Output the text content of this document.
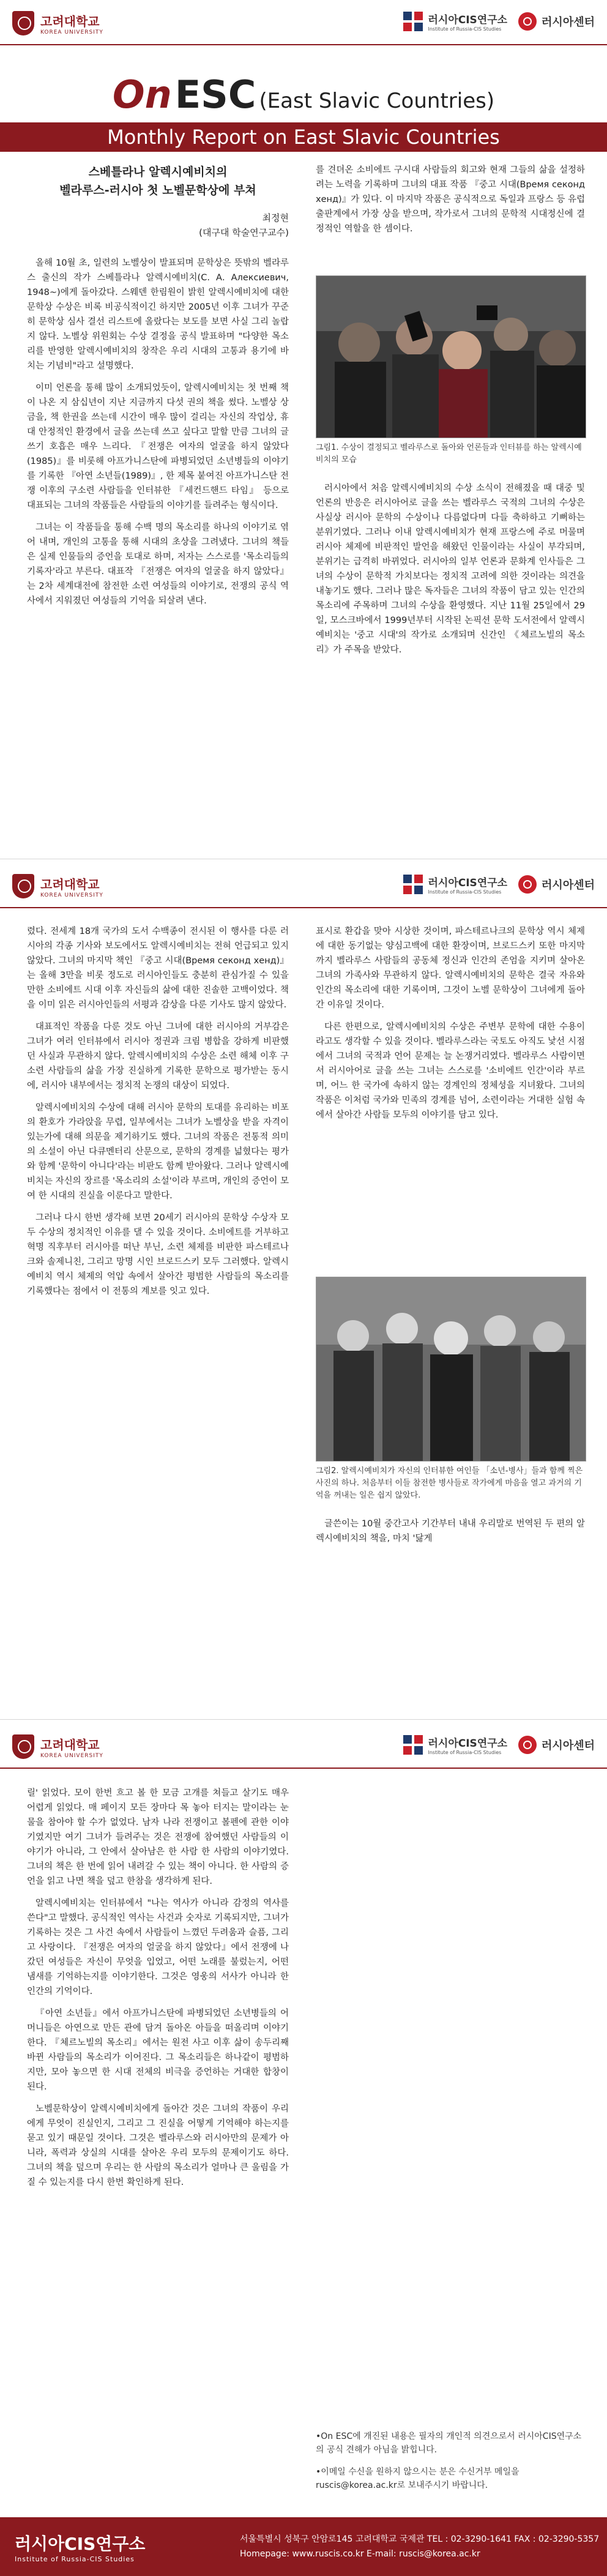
고려대학교
KOREA UNIVERSITY
러시아CIS연구소
Institute of Russia-CIS Studies
러시아센터
On ESC (East Slavic Countries)
Monthly Report on East Slavic Countries
스베틀라나 알렉시예비치의
벨라루스-러시아 첫 노벨문학상에 부쳐
최정현
(대구대 학술연구교수)

올해 10월 초, 일련의 노벨상이 발표되며 문학상은 뜻밖의 벨라루스 출신의 작가 스베틀라나 알렉시예비치(С. А. Алексиевич, 1948~)에게 돌아갔다. 스웨덴 한림원이 밝힌 알렉시예비치에 대한 문학상 수상은 비록 비공식적이긴 하지만 2005년 이후 그녀가 꾸준히 문학상 심사 결선 리스트에 올랐다는 보도를 보면 사실 그리 놀랍지 않다. 노벨상 위원회는 수상 결정을 공식 발표하며 "다양한 목소리를 반영한 알렉시예비치의 창작은 우리 시대의 고통과 용기에 바치는 기념비"라고 설명했다.

이미 언론을 통해 많이 소개되었듯이, 알렉시예비치는 첫 번째 책이 나온 지 삼십년이 지난 지금까지 다섯 권의 책을 썼다. 노벨상 상금을, 책 한권을 쓰는데 시간이 매우 많이 걸리는 자신의 작업상, 휴대 안정적인 환경에서 글을 쓰는데 쓰고 싶다고 말할 만큼 그녀의 글쓰기 호흡은 매우 느리다. 『전쟁은 여자의 얼굴을 하지 않았다(1985)』를 비롯해 아프가니스탄에 파병되었던 소년병들의 이야기를 기록한 『아연 소년들(1989)』, 한 제목 붙여진 아프가니스탄 전쟁 이후의 구소련 사람들을 인터뷰한 『세컨드핸드 타임』 등으로 대표되는 그녀의 작품들은 사람들의 이야기를 들려주는 형식이다.

그녀는 이 작품들을 통해 수백 명의 목소리를 하나의 이야기로 엮어 내며, 개인의 고통을 통해 시대의 초상을 그려냈다. 그녀의 책들은 실제 인물들의 증언을 토대로 하며, 저자는 스스로를 '목소리들의 기록자'라고 부른다. 대표작 『전쟁은 여자의 얼굴을 하지 않았다』는 2차 세계대전에 참전한 소련 여성들의 이야기로, 전쟁의 공식 역사에서 지워졌던 여성들의 기억을 되살려 낸다.

를 견뎌온 소비에트 구시대 사람들의 회고와 현재 그들의 삶을 설정하려는 노력을 기록하며 그녀의 대표 작품 『중고 시대(Время секонд хенд)』가 있다. 이 마지막 작품은 공식적으로 독일과 프랑스 등 유럽 출판계에서 가장 상을 받으며, 작가로서 그녀의 문학적 시대정신에 결정적인 역할을 한 셈이다.

그림1. 수상이 결정되고 벨라루스로 돌아와 언론들과 인터뷰를 하는 알렉시예비치의 모습

러시아에서 처음 알렉시예비치의 수상 소식이 전해졌을 때 대중 및 언론의 반응은 러시아어로 글을 쓰는 벨라루스 국적의 그녀의 수상은 사실상 러시아 문학의 수상이나 다름없다며 다들 축하하고 기뻐하는 분위기였다. 그러나 이내 알렉시예비치가 현재 프랑스에 주로 머물며 러시아 체제에 비판적인 발언을 해왔던 인물이라는 사실이 부각되며, 분위기는 급격히 바뀌었다. 러시아의 일부 언론과 문화계 인사들은 그녀의 수상이 문학적 가치보다는 정치적 고려에 의한 것이라는 의견을 내놓기도 했다. 그러나 많은 독자들은 그녀의 작품이 담고 있는 인간의 목소리에 주목하며 그녀의 수상을 환영했다. 지난 11월 25일에서 29일, 모스크바에서 1999년부터 시작된 논픽션 문학 도서전에서 알렉시예비치는 '중고 시대'의 작가로 소개되며 신간인 《체르노빌의 목소리》가 주목을 받았다.

고려대학교
KOREA UNIVERSITY
러시아CIS연구소
Institute of Russia-CIS Studies
러시아센터

렸다. 전세계 18개 국가의 도서 수백종이 전시된 이 행사를 다룬 러시아의 각종 기사와 보도에서도 알렉시예비치는 전혀 언급되고 있지 않았다. 그녀의 마지막 책인 『중고 시대(Время секонд хенд)』는 올해 3만을 비롯 정도로 러시아인들도 충분히 관심가질 수 있을 만한 소비에트 시대 이후 자신들의 삶에 대한 진솔한 고백이었다. 책을 이미 읽은 러시아인들의 서평과 감상을 다룬 기사도 많지 않았다.

대표적인 작품을 다룬 것도 아닌 그녀에 대한 러시아의 거부감은 그녀가 여러 인터뷰에서 러시아 정권과 크림 병합을 강하게 비판했던 사실과 무관하지 않다. 알렉시예비치의 수상은 소련 해체 이후 구소련 사람들의 삶을 가장 진실하게 기록한 문학으로 평가받는 동시에, 러시아 내부에서는 정치적 논쟁의 대상이 되었다.

알렉시예비치의 수상에 대해 러시아 문학의 토대를 유리하는 비포의 환호가 가라앉을 무렵, 일부에서는 그녀가 노벨상을 받을 자격이 있는가에 대해 의문을 제기하기도 했다. 그녀의 작품은 전통적 의미의 소설이 아닌 다큐멘터리 산문으로, 문학의 경계를 넓혔다는 평가와 함께 '문학이 아니다'라는 비판도 함께 받아왔다. 그러나 알렉시예비치는 자신의 장르를 '목소리의 소설'이라 부르며, 개인의 증언이 모여 한 시대의 진실을 이룬다고 말한다.

그러나 다시 한번 생각해 보면 20세기 러시아의 문학상 수상자 모두 수상의 정치적인 이유를 댈 수 있을 것이다. 소비에트를 거부하고 혁명 직후부터 러시아를 떠난 부닌, 소련 체제를 비판한 파스테르나크와 솔제니친, 그리고 망명 시인 브로드스키 모두 그러했다. 알렉시예비치 역시 체제의 억압 속에서 살아간 평범한 사람들의 목소리를 기록했다는 점에서 이 전통의 계보를 잇고 있다.

표시로 환갑을 맞아 시상한 것이며, 파스테르나크의 문학상 역시 체제에 대한 동기없는 양심고백에 대한 환장이며, 브로드스키 또한 마지막까지 벨라루스 사람들의 공동체 정신과 인간의 존엄을 지키며 살아온 그녀의 가족사와 무관하지 않다. 알렉시예비치의 문학은 결국 자유와 인간의 목소리에 대한 기록이며, 그것이 노벨 문학상이 그녀에게 돌아간 이유일 것이다.

다른 한편으로, 알렉시예비치의 수상은 주변부 문학에 대한 수용이라고도 생각할 수 있을 것이다. 벨라루스라는 국토도 아직도 낯선 시점에서 그녀의 국적과 언어 문제는 늘 논쟁거리였다. 벨라루스 사람이면서 러시아어로 글을 쓰는 그녀는 스스로를 '소비에트 인간'이라 부르며, 어느 한 국가에 속하지 않는 경계인의 정체성을 지녀왔다. 그녀의 작품은 이처럼 국가와 민족의 경계를 넘어, 소련이라는 거대한 실험 속에서 살아간 사람들 모두의 이야기를 담고 있다.

그림2. 알렉시예비치가 자신의 인터뷰한 여인들 「소년-병사」들과 함께 찍은 사진의 하나. 처음부터 이들 참전한 병사들로 작가에게 마음을 열고 과거의 기억을 꺼내는 일은 쉽지 않았다.

글쓴이는 10월 중간고사 기간부터 내내 우리말로 번역된 두 편의 알렉시예비치의 책을, 마치 '닳게

고려대학교
KOREA UNIVERSITY
러시아CIS연구소
Institute of Russia-CIS Studies
러시아센터

릴' 읽었다. 모이 한번 흐고 볼 한 모금 고개를 쳐들고 살기도 매우 어렵게 읽었다. 매 페이지 모든 장마다 목 놓아 터지는 말이라는 눈물을 참아야 할 수가 없었다. 남자 나라 전쟁이고 볼펜에 관한 이야기였지만 여기 그녀가 들려주는 것은 전쟁에 참여했던 사람들의 이야기가 아니라, 그 안에서 살아남은 한 사람 한 사람의 이야기였다. 그녀의 책은 한 번에 읽어 내려갈 수 있는 책이 아니다. 한 사람의 증언을 읽고 나면 책을 덮고 한참을 생각하게 된다.

알렉시예비치는 인터뷰에서 "나는 역사가 아니라 감정의 역사를 쓴다"고 말했다. 공식적인 역사는 사건과 숫자로 기록되지만, 그녀가 기록하는 것은 그 사건 속에서 사람들이 느꼈던 두려움과 슬픔, 그리고 사랑이다. 『전쟁은 여자의 얼굴을 하지 않았다』에서 전쟁에 나갔던 여성들은 자신이 무엇을 입었고, 어떤 노래를 불렀는지, 어떤 냄새를 기억하는지를 이야기한다. 그것은 영웅의 서사가 아니라 한 인간의 기억이다.

『아연 소년들』에서 아프가니스탄에 파병되었던 소년병들의 어머니들은 아연으로 만든 관에 담겨 돌아온 아들을 떠올리며 이야기한다. 『체르노빌의 목소리』에서는 원전 사고 이후 삶이 송두리째 바뀐 사람들의 목소리가 이어진다. 그 목소리들은 하나같이 평범하지만, 모아 놓으면 한 시대 전체의 비극을 증언하는 거대한 합창이 된다.

노벨문학상이 알렉시예비치에게 돌아간 것은 그녀의 작품이 우리에게 무엇이 진실인지, 그리고 그 진실을 어떻게 기억해야 하는지를 묻고 있기 때문일 것이다. 그것은 벨라루스와 러시아만의 문제가 아니라, 폭력과 상실의 시대를 살아온 우리 모두의 문제이기도 하다. 그녀의 책을 덮으며 우리는 한 사람의 목소리가 얼마나 큰 울림을 가질 수 있는지를 다시 한번 확인하게 된다.

•On ESC에 개진된 내용은 필자의 개인적 의견으로서 러시아CIS연구소의 공식 견해가 아님을 밝힙니다.

•이메일 수신을 원하지 않으시는 분은 수신거부 메일을 ruscis@korea.ac.kr로 보내주시기 바랍니다.

러시아CIS연구소
Institute of Russia-CIS Studies
서울특별시 성북구 안암로145 고려대학교 국제관 TEL : 02-3290-1641 FAX : 02-3290-5357
Homepage: www.ruscis.co.kr E-mail: ruscis@korea.ac.kr
